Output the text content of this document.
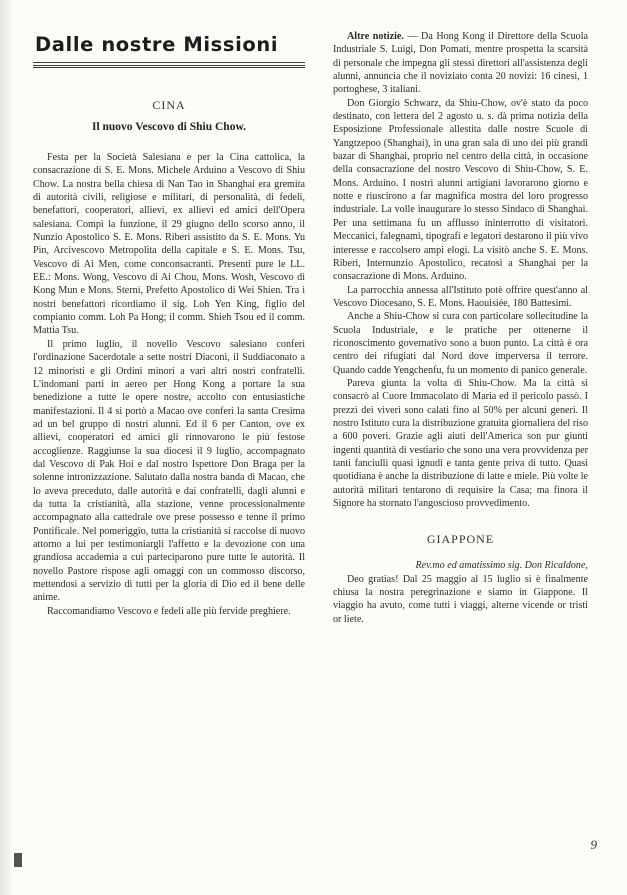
Dalle nostre Missioni
CINA
Il nuovo Vescovo di Shiu Chow.

Festa per la Società Salesiana e per la Cina cattolica, la consacrazione di S. E. Mons. Michele Arduino a Vescovo di Shiu Chow. La nostra bella chiesa di Nan Tao in Shanghai era gremita di autorità civili, religiose e militari, di personalità, di fedeli, benefattori, cooperatori, allievi, ex allievi ed amici dell'Opera salesiana. Compì la funzione, il 29 giugno dello scorso anno, il Nunzio Apostolico S. E. Mons. Riberi assistito da S. E. Mons. Yu Pin, Arcivescovo Metropolita della capitale e S. E. Mons. Tsu, Vescovo di Ai Men, come conconsacranti. Presenti pure le LL. EE.: Mons. Wong, Vescovo di Ai Chou, Mons. Wosh, Vescovo di Kong Mun e Mons. Sterni, Prefetto Apostolico di Wei Shien. Tra i nostri benefattori ricordiamo il sig. Loh Yen King, figlio del compianto comm. Loh Pa Hong; il comm. Shieh Tsou ed il comm. Mattia Tsu.

Il primo luglio, il novello Vescovo salesiano conferì l'ordinazione Sacerdotale a sette nostri Diaconi, il Suddiaconato a 12 minoristi e gli Ordini minori a vari altri nostri confratelli. L'indomani parti in aereo per Hong Kong a portare la sua benedizione a tutte le opere nostre, accolto con entusiastiche manifestazioni. Il 4 si portò a Macao ove conferì la santa Cresima ad un bel gruppo di nostri alunni. Ed il 6 per Canton, ove ex allievi, cooperatori ed amici gli rinnovarono le più festose accoglienze. Raggiunse la sua diocesi il 9 luglio, accompagnato dal Vescovo di Pak Hoi e dal nostro Ispettore Don Braga per la solenne intronizzazione. Salutato dalla nostra banda di Macao, che lo aveva preceduto, dalle autorità e dai confratelli, dagli alunni e da tutta la cristianità, alla stazione, venne processionalmente accompagnato alla cattedrale ove prese possesso e tenne il primo Pontificale. Nel pomeriggio, tutta la cristianità si raccolse di nuovo attorno a lui per testimoniargli l'affetto e la devozione con una grandiosa accademia a cui parteciparono pure tutte le autorità. Il novello Pastore rispose agli omaggi con un commosso discorso, mettendosi a servizio di tutti per la gloria di Dio ed il bene delle anime.

Raccomandiamo Vescovo e fedeli alle più fervide preghiere.

Altre notizie. — Da Hong Kong il Direttore della Scuola Industriale S. Luigi, Don Pomati, mentre prospetta la scarsità di personale che impegna gli stessi direttori all'assistenza degli alunni, annuncia che il noviziato conta 20 novizi: 16 cinesi, 1 portoghese, 3 italiani.

Don Giorgio Schwarz, da Shiu-Chow, ov'è stato da poco destinato, con lettera del 2 agosto u. s. dà prima notizia della Esposizione Professionale allestita dalle nostre Scuole di Yangtzepoo (Shanghai), in una gran sala di uno dei più grandi bazar di Shanghai, proprio nel centro della città, in occasione della consacrazione del nostro Vescovo di Shiu-Chow, S. E. Mons. Arduino. I nostri alunni artigiani lavorarono giorno e notte e riuscirono a far magnifica mostra del loro progresso industriale. La volle inaugurare lo stesso Sindaco di Shanghai. Per una settimana fu un afflusso ininterrotto di visitatori. Meccanici, falegnami, tipografi e legatori destarono il più vivo interesse e raccolsero ampi elogi. La visitò anche S. E. Mons. Riberi, Internunzio Apostolico, recatosi a Shanghai per la consacrazione di Mons. Arduino.

La parrocchia annessa all'Istituto potè offrire quest'anno al Vescovo Diocesano, S. E. Mons. Haouisiée, 180 Battesimi.

Anche a Shiu-Chow si cura con particolare sollecitudine la Scuola Industriale, e le pratiche per ottenerne il riconoscimento governativo sono a buon punto. La città è ora centro dei rifugiati dal Nord dove imperversa il terrore. Quando cadde Yengchenfu, fu un momento di panico generale.

Pareva giunta la volta di Shiu-Chow. Ma la città si consacrò al Cuore Immacolato di Maria ed il pericolo passò. I prezzi dei viveri sono calati fino al 50% per alcuni generi. Il nostro Istituto cura la distribuzione gratuita giornaliera del riso a 600 poveri. Grazie agli aiuti dell'America son pur giunti ingenti quantità di vestiario che sono una vera provvidenza per tanti fanciulli quasi ignudi e tanta gente priva di tutto. Quasi quotidiana è anche la distribuzione di latte e miele. Più volte le autorità militari tentarono di requisire la Casa; ma finora il Signore ha stornato l'angoscioso provvedimento.

GIAPPONE

Rev.mo ed amatissimo sig. Don Ricaldone,

Deo gratias! Dal 25 maggio al 15 luglio si è finalmente chiusa la nostra peregrinazione e siamo in Giappone. Il viaggio ha avuto, come tutti i viaggi, alterne vicende or tristi or liete.

9
